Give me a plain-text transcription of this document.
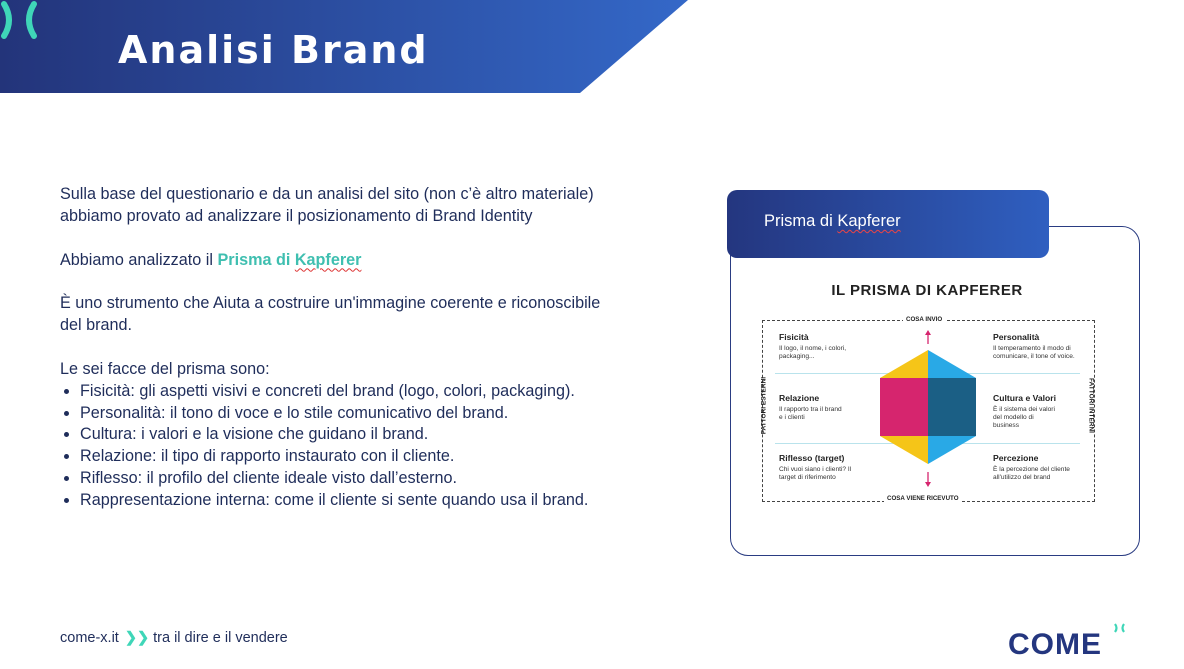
Analisi Brand

Sulla base del questionario e da un analisi del sito (non c’è altro materiale) abbiamo provato ad analizzare il posizionamento di Brand Identity

Abbiamo analizzato il Prisma di Kapferer

È uno strumento che Aiuta a costruire un'immagine coerente e riconoscibile del brand.

Le sei facce del prisma sono:
• Fisicità: gli aspetti visivi e concreti del brand (logo, colori, packaging).
• Personalità: il tono di voce e lo stile comunicativo del brand.
• Cultura: i valori e la visione che guidano il brand.
• Relazione: il tipo di rapporto instaurato con il cliente.
• Riflesso: il profilo del cliente ideale visto dall’esterno.
• Rappresentazione interna: come il cliente si sente quando usa il brand.
Prisma di Kapferer
IL PRISMA DI KAPFERER
COSA INVIO
COSA VIENE RICEVUTO
FATTORI ESTERNI	FATTORI INTERNI
Fisicità
Il logo, il nome, i colori, packaging...
Personalità
Il temperamento il modo di comunicare, il tone of voice.
Relazione
Il rapporto tra il brand e i clienti
Cultura e Valori
È il sistema dei valori del modello di business
Riflesso (target)
Chi vuoi siano i clienti? Il target di riferimento
Percezione
È la percezione del cliente all'utilizzo del brand
come-x.it ❯❯ tra il dire e il vendere	COME
